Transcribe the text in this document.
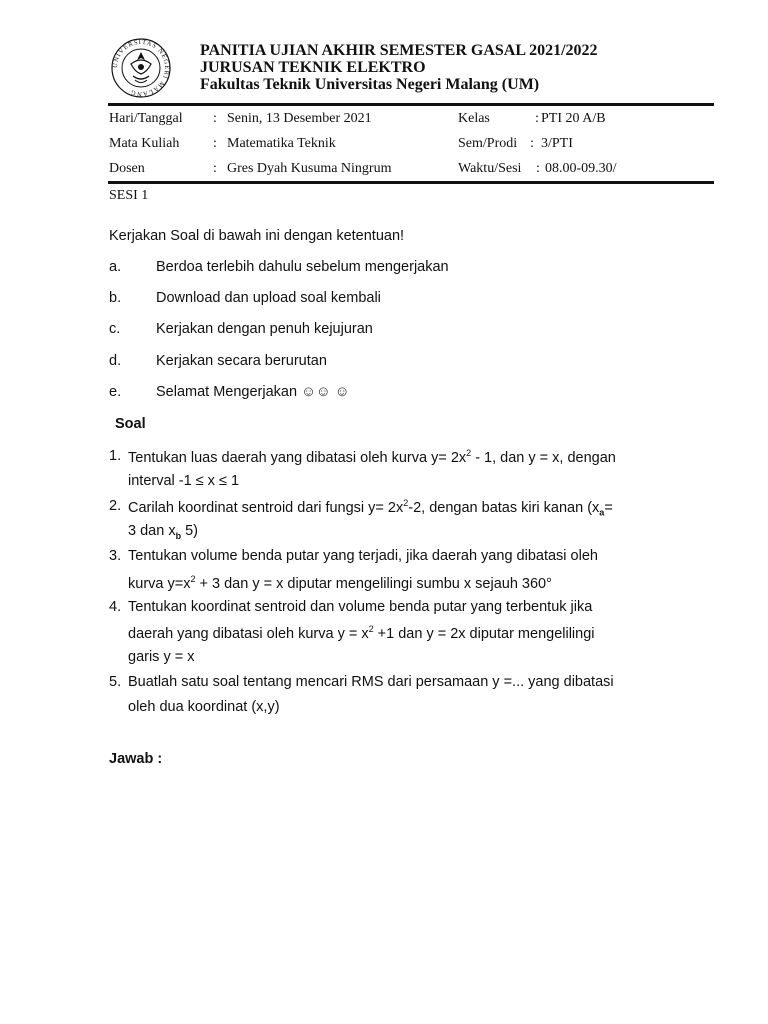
UNIVERSITAS NEGERI MALANG
PANITIA UJIAN AKHIR SEMESTER GASAL 2021/2022
JURUSAN TEKNIK ELEKTRO
Fakultas Teknik Universitas Negeri Malang (UM)
Hari/Tanggal : Senin, 13 Desember 2021
Mata Kuliah : Matematika Teknik
Dosen	: Gres Dyah Kusuma Ningrum
Kelas	: PTI 20 A/B
Sem/Prodi : 3/PTI
Waktu/Sesi : 08.00-09.30/
SESI 1
Kerjakan Soal di bawah ini dengan ketentuan!
a. Berdoa terlebih dahulu sebelum mengerjakan
b. Download dan upload soal kembali
c. Kerjakan dengan penuh kejujuran
d. Kerjakan secara berurutan
e. Selamat Mengerjakan ☺☺ ☺
Soal
1. Tentukan luas daerah yang dibatasi oleh kurva $y= 2x^2 - 1$, dan y = x, dengan
interval -1 ≤ x ≤ 1
2. Carilah koordinat sentroid dari fungsi $y= 2x^2-2$, dengan batas kiri kanan ($x_a=$
3 dan $x_b$ 5)
3. Tentukan volume benda putar yang terjadi, jika daerah yang dibatasi oleh
kurva $y=x^2 + 3$ dan y = x diputar mengelilingi sumbu x sejauh 360°
4. Tentukan koordinat sentroid dan volume benda putar yang terbentuk jika
daerah yang dibatasi oleh kurva $y = x^2 +1$ dan y = 2x diputar mengelilingi
garis y = x
5. Buatlah satu soal tentang mencari RMS dari persamaan y =... yang dibatasi
oleh dua koordinat (x,y)
Jawab :
